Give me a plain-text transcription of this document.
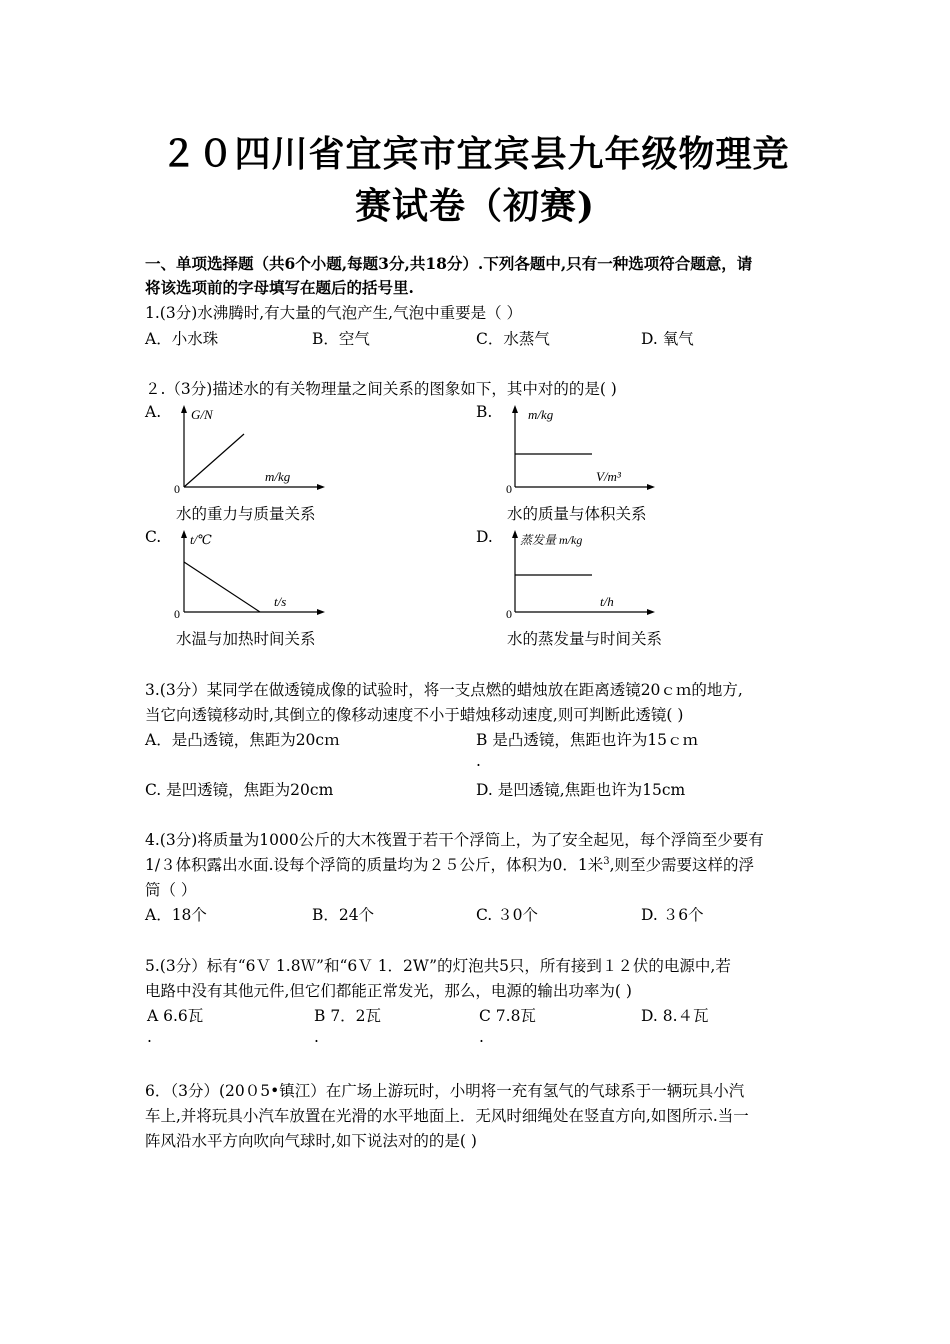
２０四川省宜宾市宜宾县九年级物理竞
赛试卷（初赛)
一、单项选择题（共6个小题,每题3分,共18分）.下列各题中,只有一种选项符合题意，请
将该选项前的字母填写在题后的括号里.
1.(3分)水沸腾时,有大量的气泡产生,气泡中重要是（ ）
A．小水珠	B．空气	C．水蒸气	D. 氧气
２.（3分)描述水的有关物理量之间关系的图象如下，其中对的的是( )
A. G/N
m/kg
0
水的重力与质量关系
B.	m/kg
V/m³
0
水的质量与体积关系
C. t/℃
t/s
0
水温与加热时间关系
D. 蒸发量 m/kg
t/h
0
水的蒸发量与时间关系
3.(3分）某同学在做透镜成像的试验时，将一支点燃的蜡烛放在距离透镜20ｃｍ的地方,
当它向透镜移动时,其倒立的像移动速度不小于蜡烛移动速度,则可判断此透镜( )
A．是凸透镜，焦距为20cｍ	B 是凸透镜，焦距也许为15ｃｍ
.
C. 是凹透镜，焦距为20cm	D. 是凹透镜,焦距也许为15cm
4.(3分)将质量为1000公斤的大木筏置于若干个浮筒上，为了安全起见，每个浮筒至少要有
1/３体积露出水面.设每个浮筒的质量均为２５公斤，体积为0．1米$^3$,则至少需要这样的浮
筒（ ）
A．18个	B．24个	C. ３0个	D. ３6个
5.(3分）标有“6Ｖ 1.8Ｗ”和“6Ｖ 1．2W”的灯泡共5只，所有接到１２伏的电源中,若
电路中没有其他元件,但它们都能正常发光，那么，电源的输出功率为( )
A 6.6瓦	B 7．2瓦	C 7.8瓦	D. 8.４瓦
.	.	.
6．（3分）(20０5•镇江）在广场上游玩时，小明将一充有氢气的气球系于一辆玩具小汽
车上,并将玩具小汽车放置在光滑的水平地面上．无风时细绳处在竖直方向,如图所示.当一
阵风沿水平方向吹向气球时,如下说法对的的是( )
